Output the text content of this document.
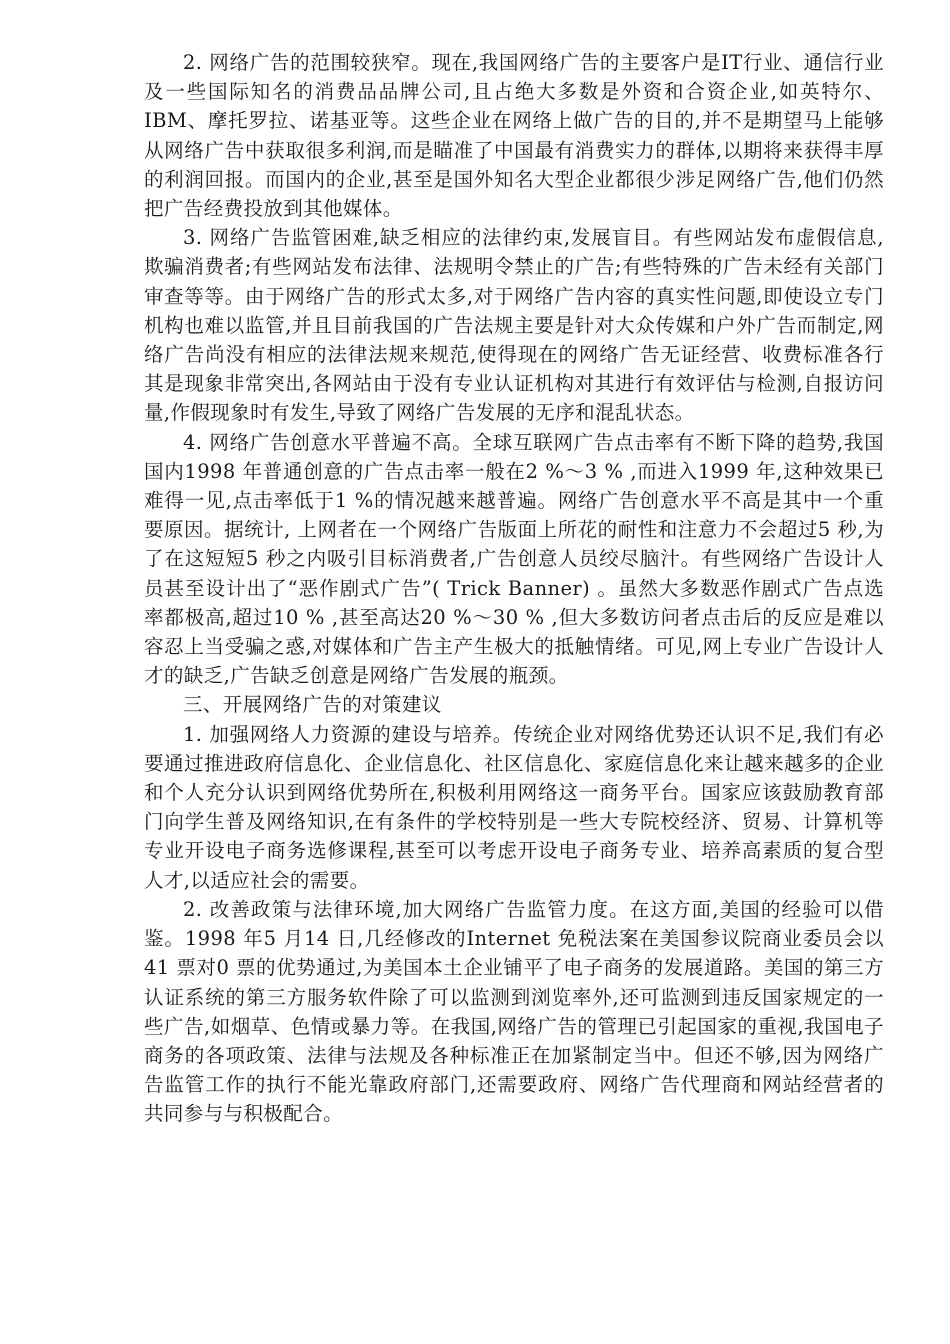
2. 网络广告的范围较狭窄。现在,我国网络广告的主要客户是IT行业、通信行业及一些国际知名的消费品品牌公司,且占绝大多数是外资和合资企业,如英特尔、IBM、摩托罗拉、诺基亚等。这些企业在网络上做广告的目的,并不是期望马上能够从网络广告中获取很多利润,而是瞄准了中国最有消费实力的群体,以期将来获得丰厚的利润回报。而国内的企业,甚至是国外知名大型企业都很少涉足网络广告,他们仍然把广告经费投放到其他媒体。

3. 网络广告监管困难,缺乏相应的法律约束,发展盲目。有些网站发布虚假信息,欺骗消费者;有些网站发布法律、法规明令禁止的广告;有些特殊的广告未经有关部门审查等等。由于网络广告的形式太多,对于网络广告内容的真实性问题,即使设立专门机构也难以监管,并且目前我国的广告法规主要是针对大众传媒和户外广告而制定,网络广告尚没有相应的法律法规来规范,使得现在的网络广告无证经营、收费标准各行其是现象非常突出,各网站由于没有专业认证机构对其进行有效评估与检测,自报访问量,作假现象时有发生,导致了网络广告发展的无序和混乱状态。

4. 网络广告创意水平普遍不高。全球互联网广告点击率有不断下降的趋势,我国国内1998 年普通创意的广告点击率一般在2 %～3 % ,而进入1999 年,这种效果已难得一见,点击率低于1 %的情况越来越普遍。网络广告创意水平不高是其中一个重要原因。据统计, 上网者在一个网络广告版面上所花的耐性和注意力不会超过5 秒,为了在这短短5 秒之内吸引目标消费者,广告创意人员绞尽脑汁。有些网络广告设计人员甚至设计出了“恶作剧式广告”( Trick Banner) 。虽然大多数恶作剧式广告点选率都极高,超过10 % ,甚至高达20 %～30 % ,但大多数访问者点击后的反应是难以容忍上当受骗之惑,对媒体和广告主产生极大的抵触情绪。可见,网上专业广告设计人才的缺乏,广告缺乏创意是网络广告发展的瓶颈。

三、开展网络广告的对策建议

1. 加强网络人力资源的建设与培养。传统企业对网络优势还认识不足,我们有必要通过推进政府信息化、企业信息化、社区信息化、家庭信息化来让越来越多的企业和个人充分认识到网络优势所在,积极利用网络这一商务平台。国家应该鼓励教育部门向学生普及网络知识,在有条件的学校特别是一些大专院校经济、贸易、计算机等专业开设电子商务选修课程,甚至可以考虑开设电子商务专业、培养高素质的复合型人才,以适应社会的需要。

2. 改善政策与法律环境,加大网络广告监管力度。在这方面,美国的经验可以借鉴。1998 年5 月14 日,几经修改的Internet 免税法案在美国参议院商业委员会以41 票对0 票的优势通过,为美国本土企业铺平了电子商务的发展道路。美国的第三方认证系统的第三方服务软件除了可以监测到浏览率外,还可监测到违反国家规定的一些广告,如烟草、色情或暴力等。在我国,网络广告的管理已引起国家的重视,我国电子商务的各项政策、法律与法规及各种标准正在加紧制定当中。但还不够,因为网络广告监管工作的执行不能光靠政府部门,还需要政府、网络广告代理商和网站经营者的共同参与与积极配合。
